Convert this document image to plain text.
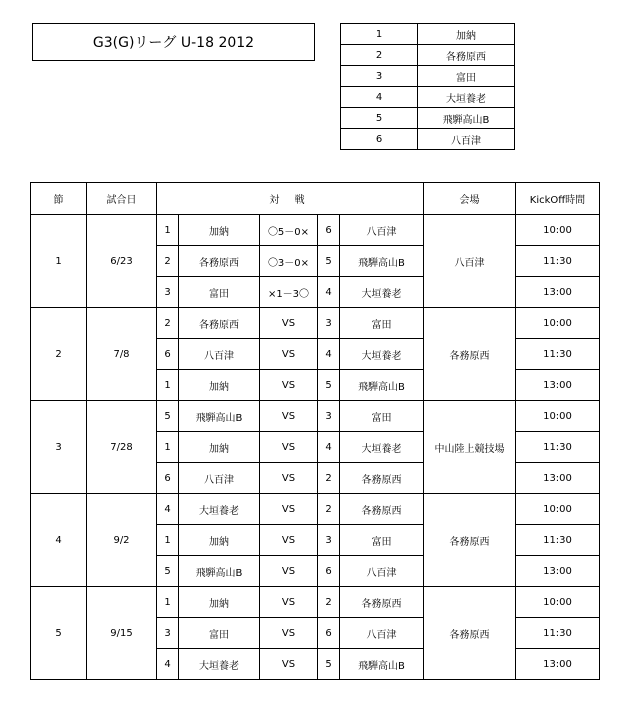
G3(G)リーグ U-18 2012
1	加納
2	各務原西
3	富田
4	大垣養老
5	飛騨高山B
6	八百津
節	試合日	対 戦					会場	KickOff時間
1	6/23	1	加納	〇5－0×	6	八百津	八百津	10:00
		2	各務原西	〇3－0×	5	飛騨高山B		11:30
		3	富田	×1－3〇	4	大垣養老		13:00
2	7/8	2	各務原西	VS	3	富田	各務原西	10:00
		6	八百津	VS	4	大垣養老		11:30
		1	加納	VS	5	飛騨高山B		13:00
3	7/28	5	飛騨高山B	VS	3	富田	中山陸上競技場	10:00
		1	加納	VS	4	大垣養老		11:30
		6	八百津	VS	2	各務原西		13:00
4	9/2	4	大垣養老	VS	2	各務原西	各務原西	10:00
		1	加納	VS	3	富田		11:30
		5	飛騨高山B	VS	6	八百津		13:00
5	9/15	1	加納	VS	2	各務原西	各務原西	10:00
		3	富田	VS	6	八百津		11:30
		4	大垣養老	VS	5	飛騨高山B		13:00
